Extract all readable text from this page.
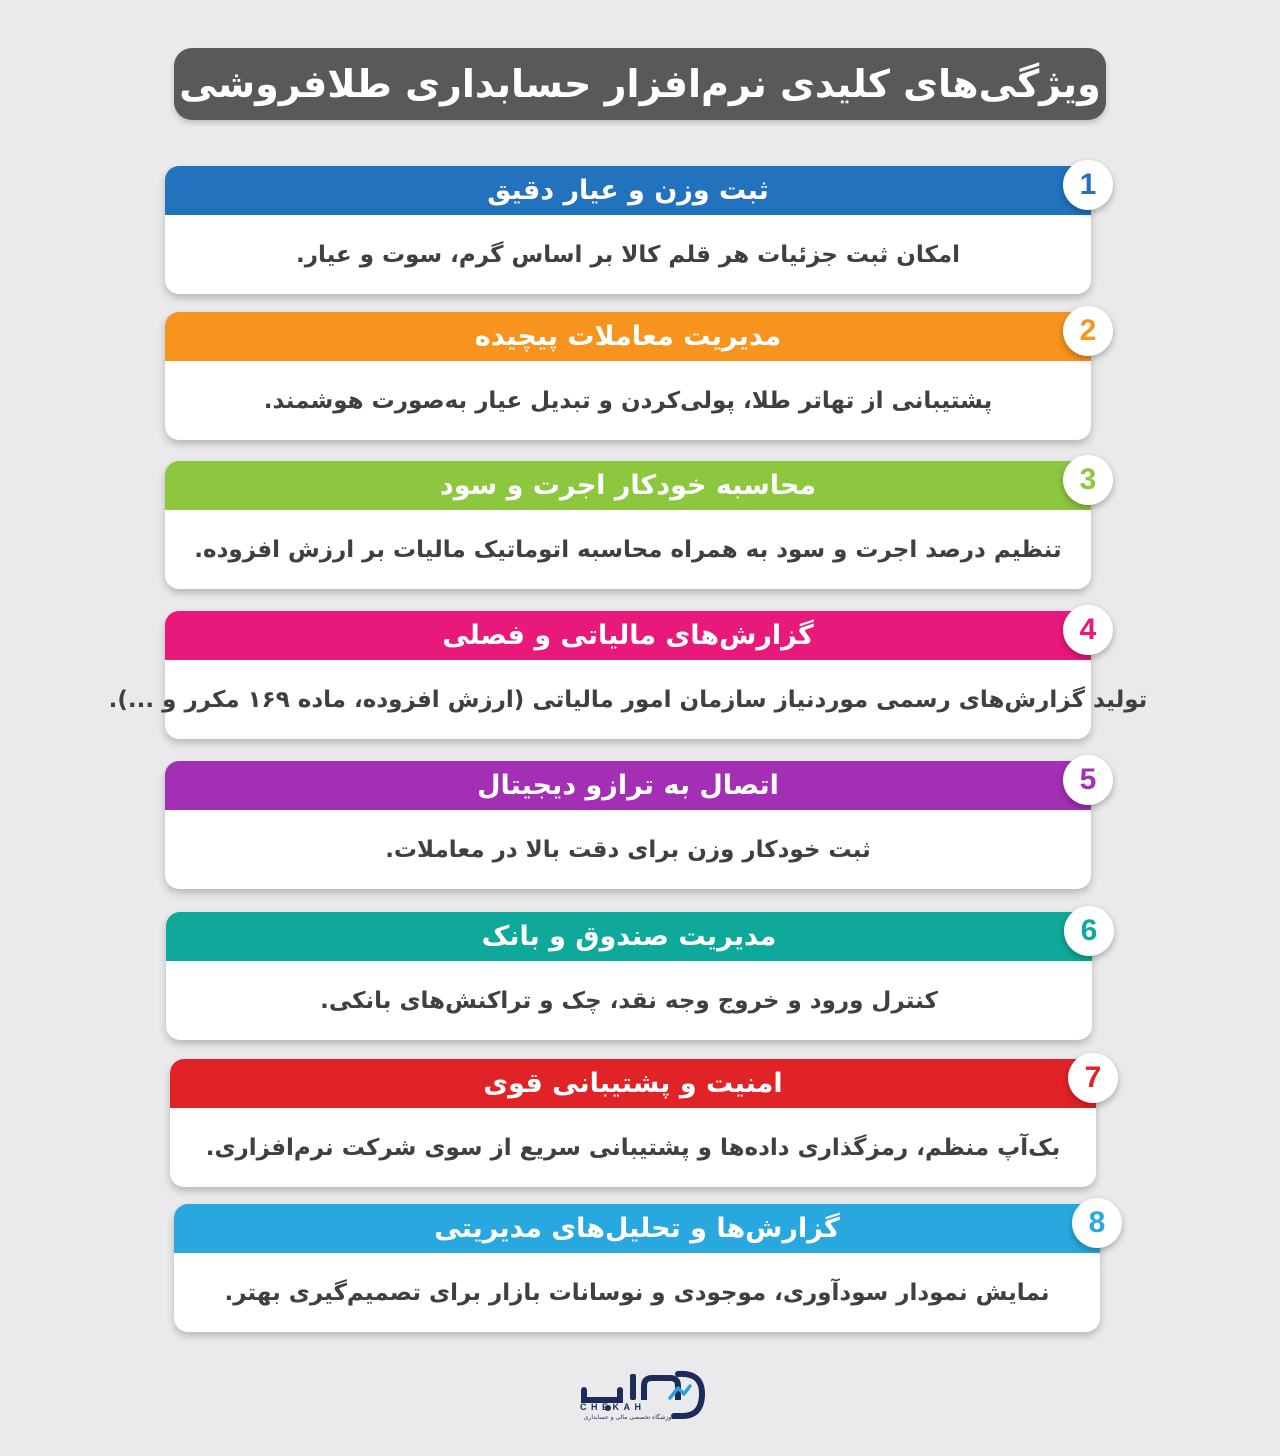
ویژگی‌های کلیدی نرم‌افزار حسابداری طلافروشی
ثبت وزن و عیار دقیق
امکان ثبت جزئیات هر قلم کالا بر اساس گرم، سوت و عیار.
1
مدیریت معاملات پیچیده
پشتیبانی از تهاتر طلا، پولی‌کردن و تبدیل عیار به‌صورت هوشمند.
2
محاسبه خودکار اجرت و سود
تنظیم درصد اجرت و سود به همراه محاسبه اتوماتیک مالیات بر ارزش افزوده.
3
گزارش‌های مالیاتی و فصلی
تولید گزارش‌های رسمی موردنیاز سازمان امور مالیاتی (ارزش افزوده، ماده ۱۶۹ مکرر و ...).
4
اتصال به ترازو دیجیتال
ثبت خودکار وزن برای دقت بالا در معاملات.
5
مدیریت صندوق و بانک
کنترل ورود و خروج وجه نقد، چک و تراکنش‌های بانکی.
6
امنیت و پشتیبانی قوی
بک‌آپ منظم، رمزگذاری داده‌ها و پشتیبانی سریع از سوی شرکت نرم‌افزاری.
7
گزارش‌ها و تحلیل‌های مدیریتی
نمایش نمودار سودآوری، موجودی و نوسانات بازار برای تصمیم‌گیری بهتر.
8
CHEKAH
آموزشگاه تخصصی مالی و حسابداری
